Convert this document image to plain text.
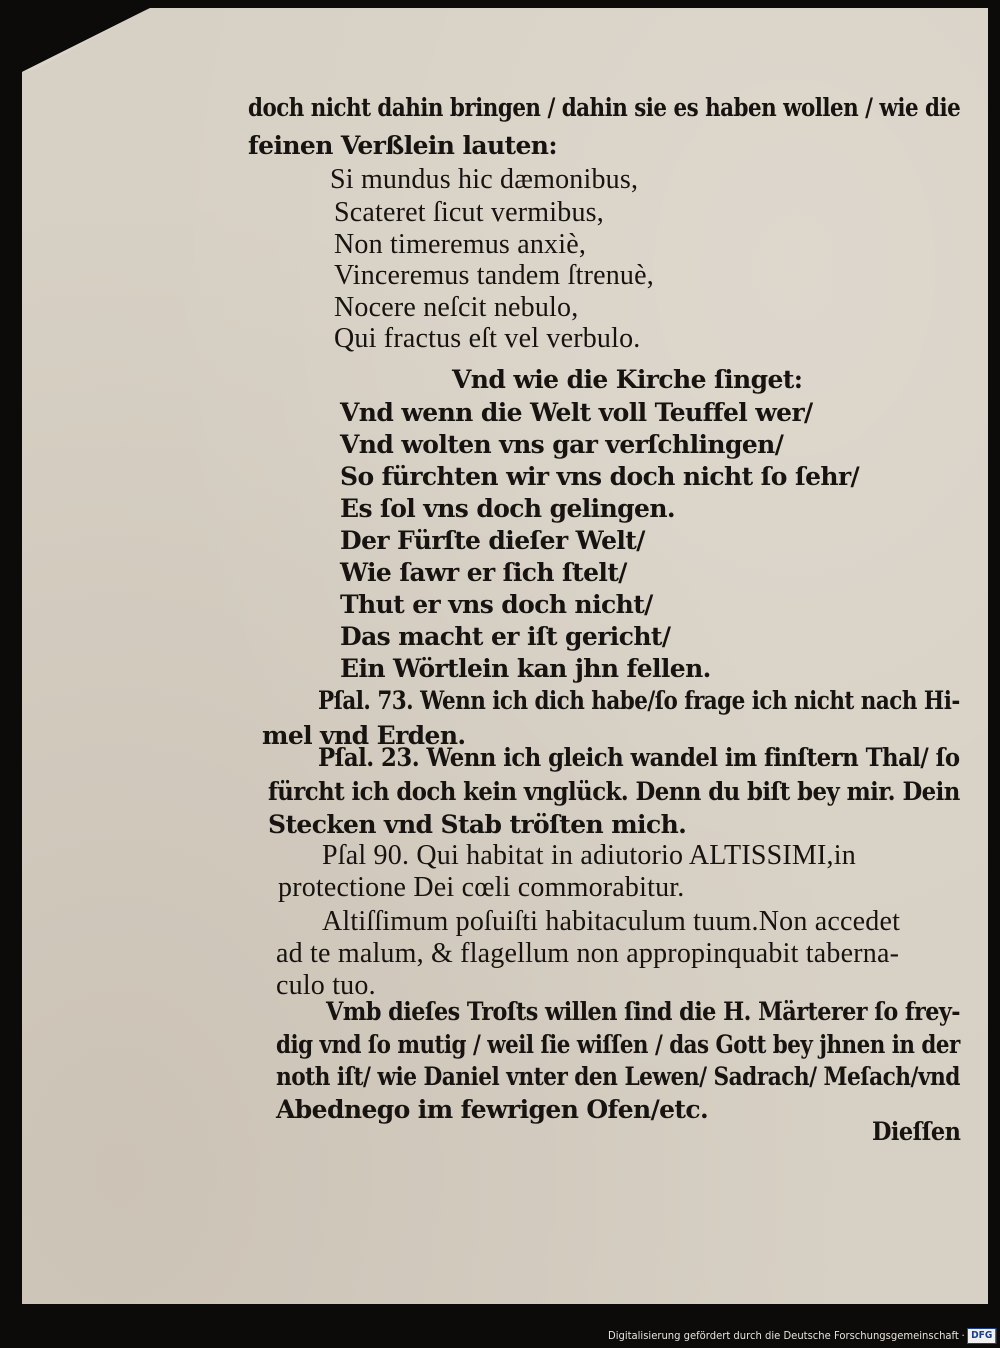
doch nicht dahin bringen / dahin sie es haben wollen / wie die
feinen Verßlein lauten:
Si mundus hic dæmonibus,
Scateret ſicut vermibus,
Non timeremus anxiè,
Vinceremus tandem ſtrenuè,
Nocere neſcit nebulo,
Qui fractus eſt vel verbulo.
Vnd wie die Kirche ſinget:
Vnd wenn die Welt voll Teuffel wer/
Vnd wolten vns gar verſchlingen/
So fürchten wir vns doch nicht ſo ſehr/
Es ſol vns doch gelingen.
Der Fürſte dieſer Welt/
Wie ſawr er ſich ſtelt/
Thut er vns doch nicht/
Das macht er iſt gericht/
Ein Wörtlein kan jhn fellen.
Pſal. 73. Wenn ich dich habe/ſo frage ich nicht nach Hi-
mel vnd Erden.
Pſal. 23. Wenn ich gleich wandel im finſtern Thal/ ſo
fürcht ich doch kein vnglück. Denn du biſt bey mir. Dein
Stecken vnd Stab tröſten mich.
Pſal 90. Qui habitat in adiutorio ALTISSIMI,in
protectione Dei cœli commorabitur.
Altiſſimum poſuiſti habitaculum tuum.Non accedet
ad te malum, & flagellum non appropinquabit taberna-
culo tuo.
Vmb dieſes Troſts willen ſind die H. Märterer ſo frey-
dig vnd ſo mutig / weil ſie wiſſen / das Gott bey jhnen in der
noth iſt/ wie Daniel vnter den Lewen/ Sadrach/ Meſach/vnd
Abednego im fewrigen Ofen/etc.
Dieſſen
Digitalisierung gefördert durch die Deutsche Forschungsgemeinschaft · DFG
